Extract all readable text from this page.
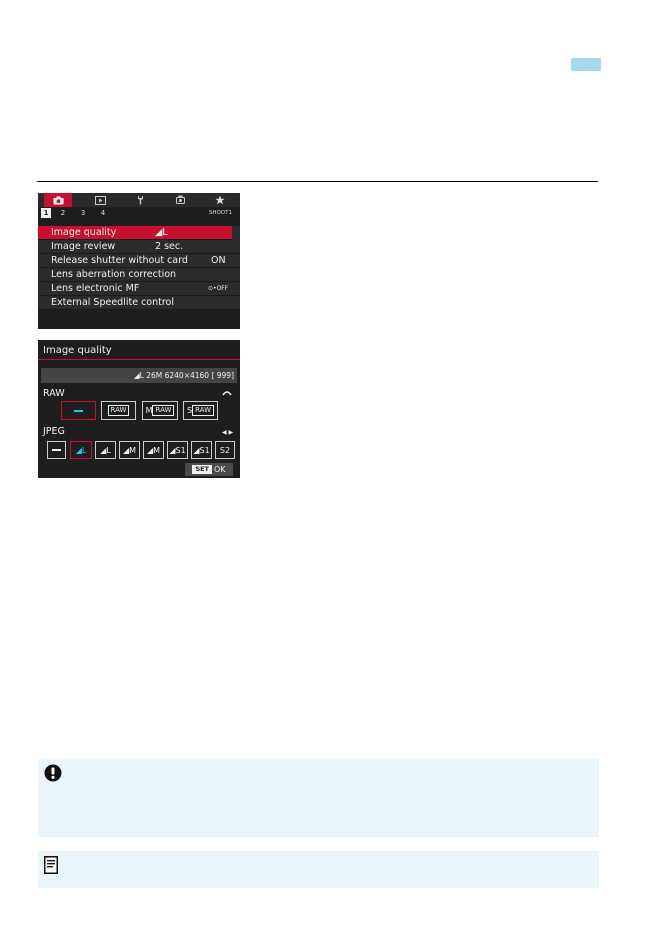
1	2	3	4	SHOOT1
Image quality	◢L
Image review	2 sec.
Release shutter without card ON
Lens aberration correction
Lens electronic MF	⊙•OFF
External Speedlite control
Image quality
◢L 26M 6240×4160 [ 999]
RAW
RAW	M RAW	S RAW
JPEG	◀ ▶
◢ L ◢ L ◢ M ◢ M ◢ S1 ◢ S1 S2
SET OK
